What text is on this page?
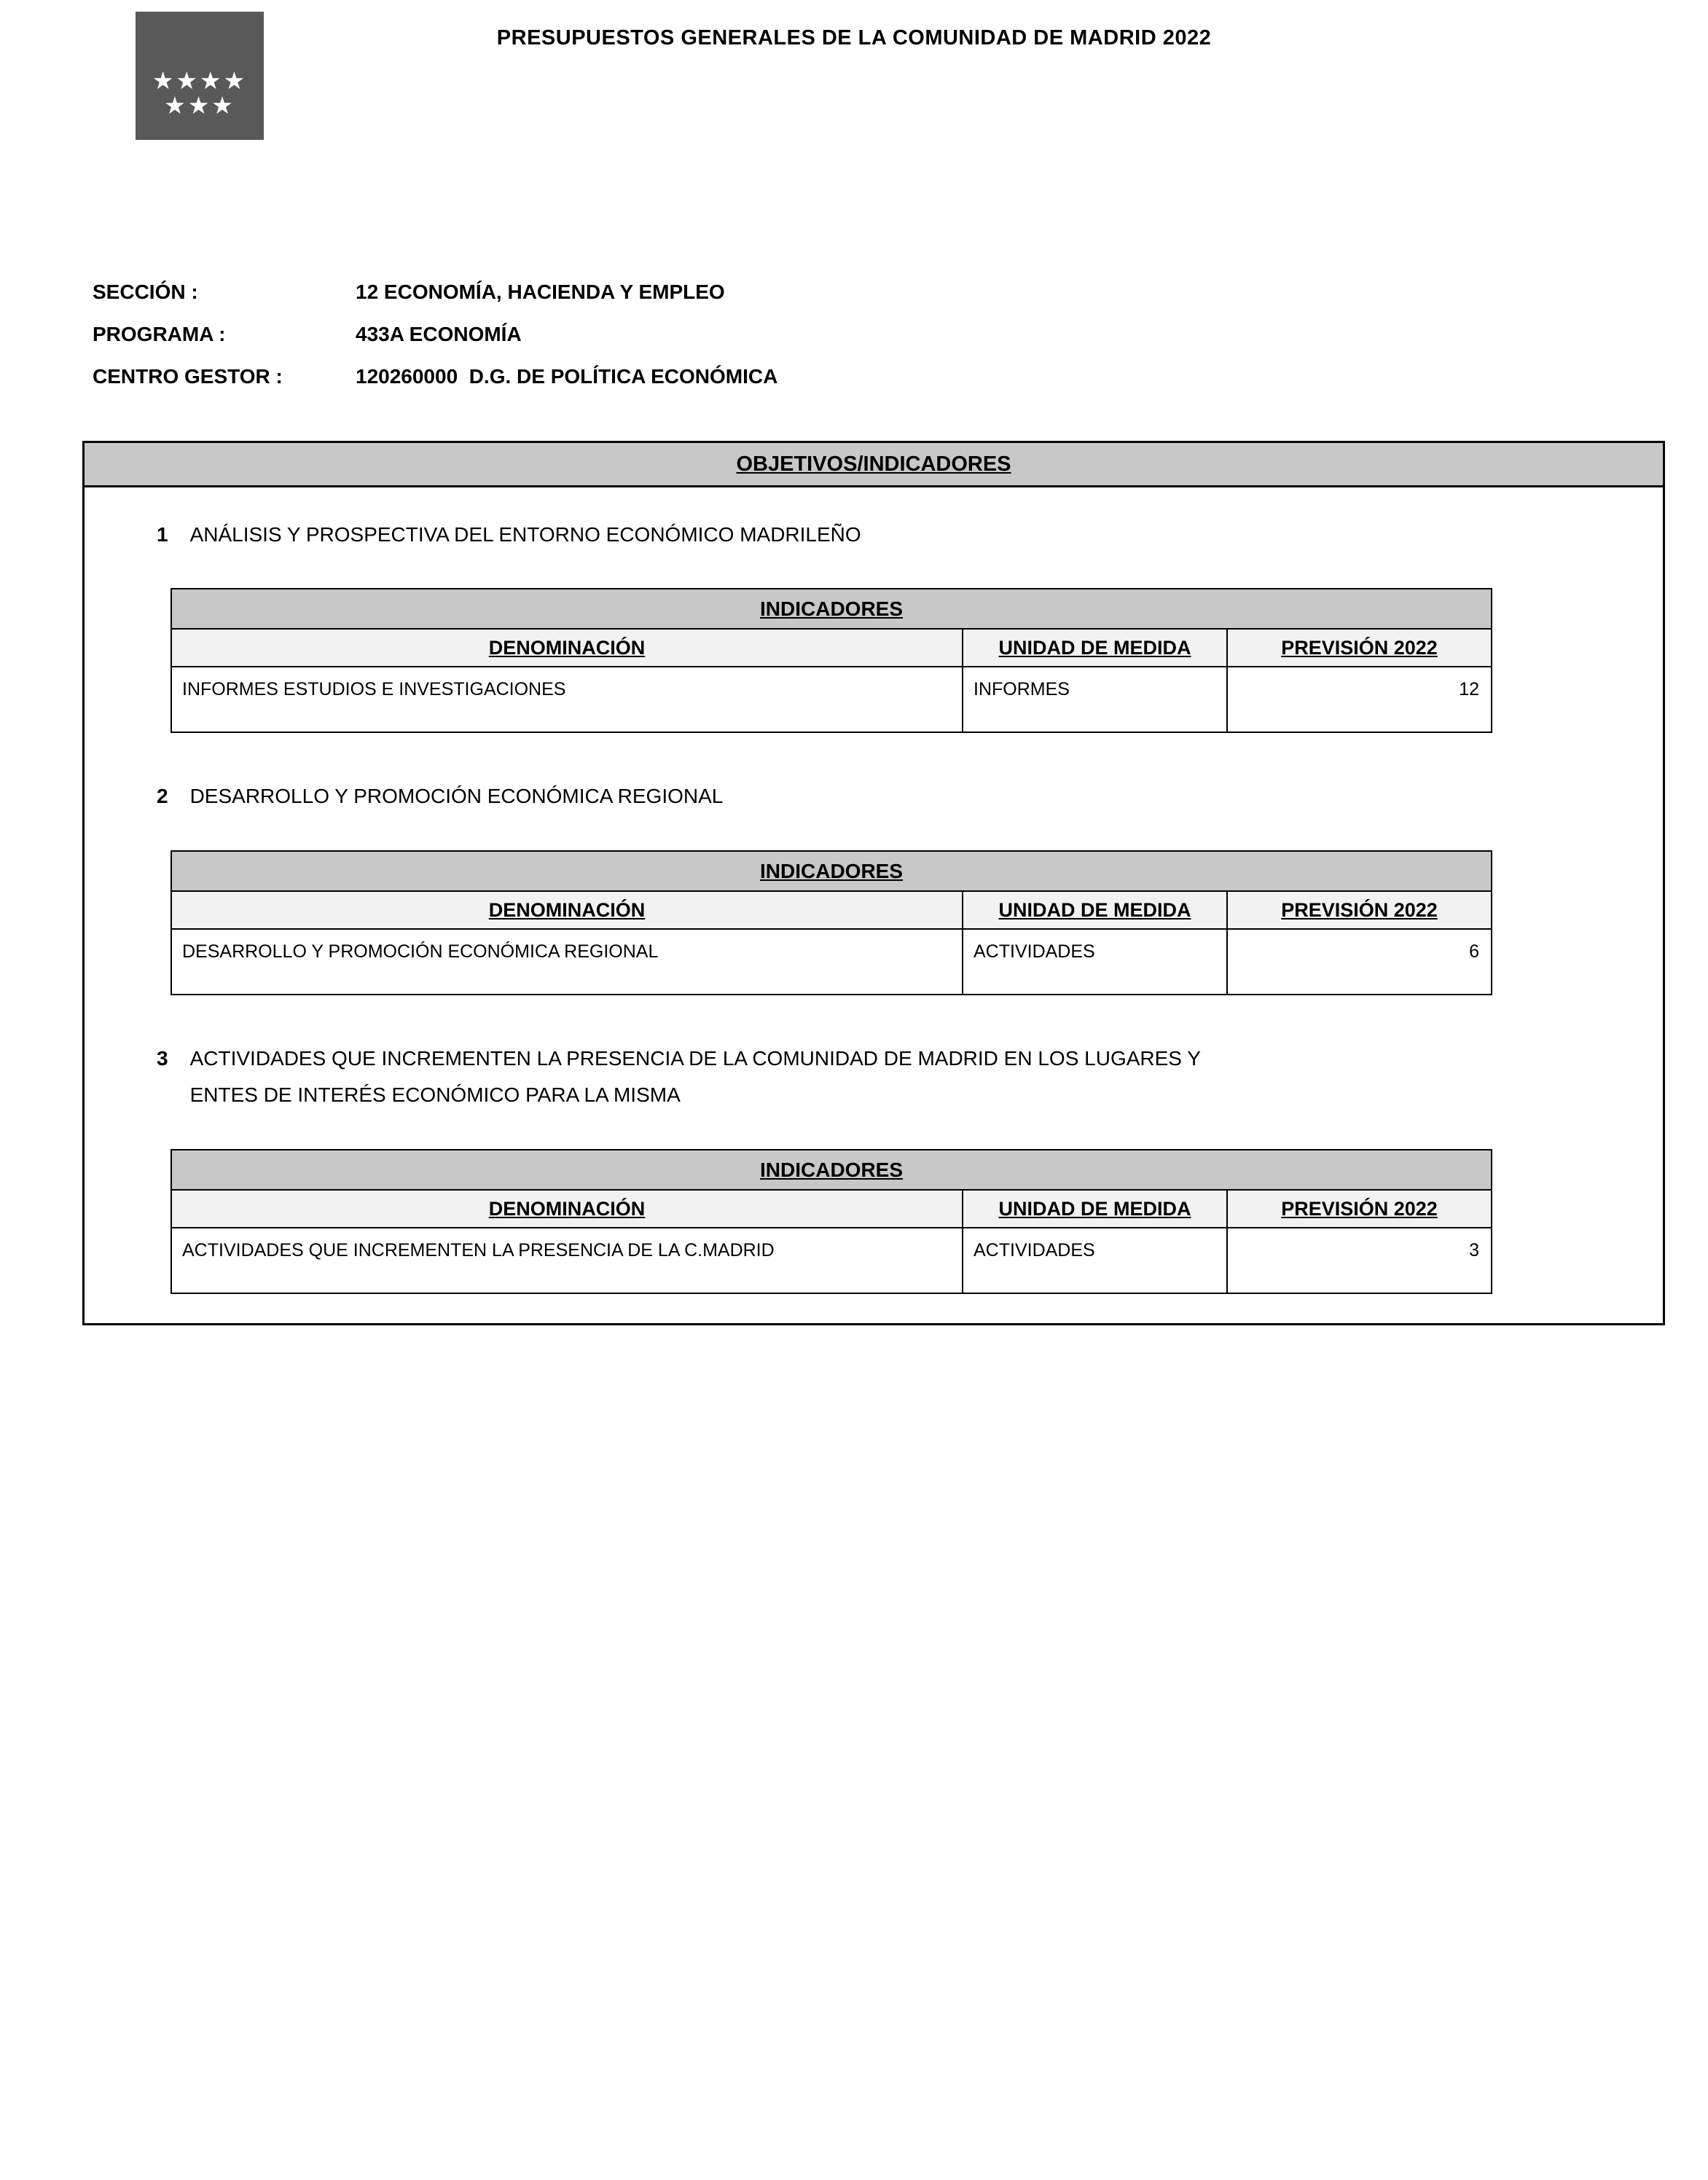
★★★★
★★★
PRESUPUESTOS GENERALES DE LA COMUNIDAD DE MADRID 2022
SECCIÓN :	12 ECONOMÍA, HACIENDA Y EMPLEO
PROGRAMA :	433A ECONOMÍA
CENTRO GESTOR :	120260000  D.G. DE POLÍTICA ECONÓMICA
OBJETIVOS/INDICADORES
1 ANÁLISIS Y PROSPECTIVA DEL ENTORNO ECONÓMICO MADRILEÑO
INDICADORES		
DENOMINACIÓN	UNIDAD DE MEDIDA	PREVISIÓN 2022
INFORMES ESTUDIOS E INVESTIGACIONES	INFORMES	12
2 DESARROLLO Y PROMOCIÓN ECONÓMICA REGIONAL
INDICADORES		
DENOMINACIÓN	UNIDAD DE MEDIDA	PREVISIÓN 2022
DESARROLLO Y PROMOCIÓN ECONÓMICA REGIONAL	ACTIVIDADES	6
3 ACTIVIDADES QUE INCREMENTEN LA PRESENCIA DE LA COMUNIDAD DE MADRID EN LOS LUGARES Y ENTES DE INTERÉS ECONÓMICO PARA LA MISMA
INDICADORES		
DENOMINACIÓN	UNIDAD DE MEDIDA	PREVISIÓN 2022
ACTIVIDADES QUE INCREMENTEN LA PRESENCIA DE LA C.MADRID	ACTIVIDADES	3
